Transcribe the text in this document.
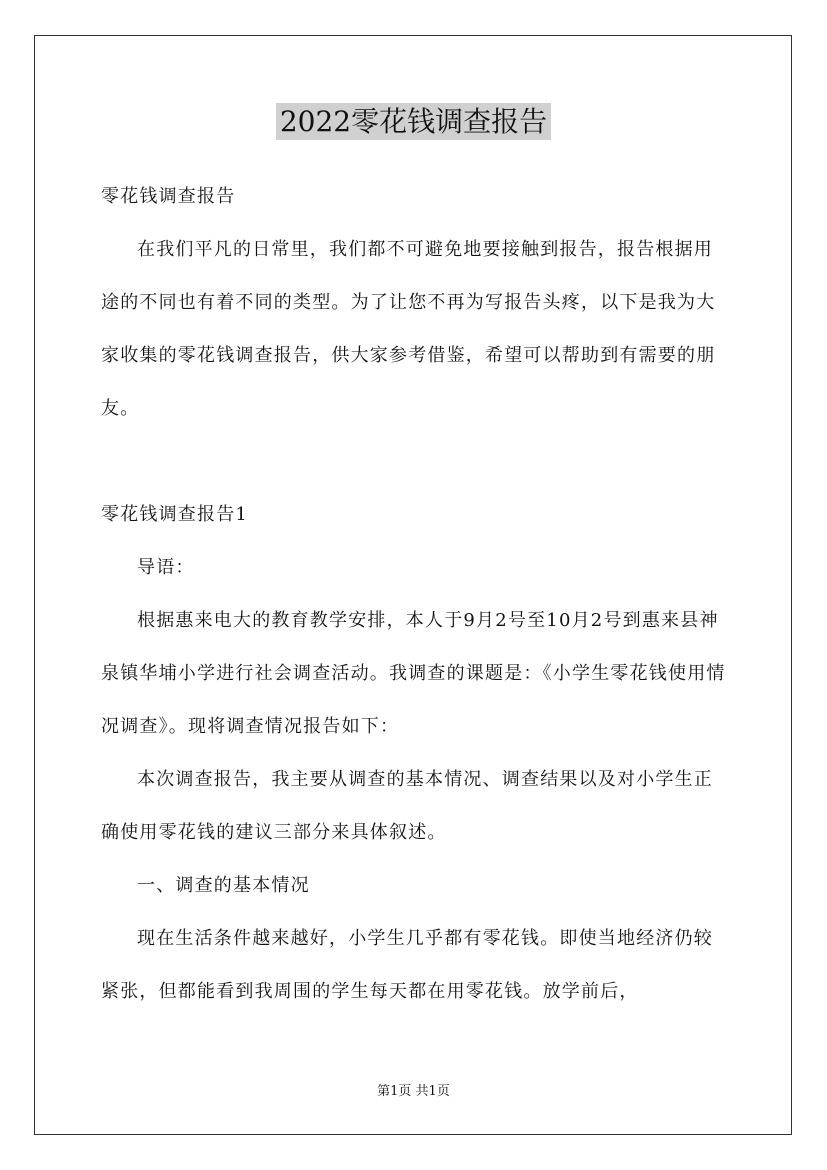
2022零花钱调查报告

零花钱调查报告

在我们平凡的日常里，我们都不可避免地要接触到报告，报告根据用途的不同也有着不同的类型。为了让您不再为写报告头疼，以下是我为大家收集的零花钱调查报告，供大家参考借鉴，希望可以帮助到有需要的朋友。

零花钱调查报告1

导语：

根据惠来电大的教育教学安排，本人于9月2号至10月2号到惠来县神泉镇华埔小学进行社会调查活动。我调查的课题是：《小学生零花钱使用情况调查》。现将调查情况报告如下：

本次调查报告，我主要从调查的基本情况、调查结果以及对小学生正确使用零花钱的建议三部分来具体叙述。

一、调查的基本情况

现在生活条件越来越好，小学生几乎都有零花钱。即使当地经济仍较紧张，但都能看到我周围的学生每天都在用零花钱。放学前后，

第1页 共1页
